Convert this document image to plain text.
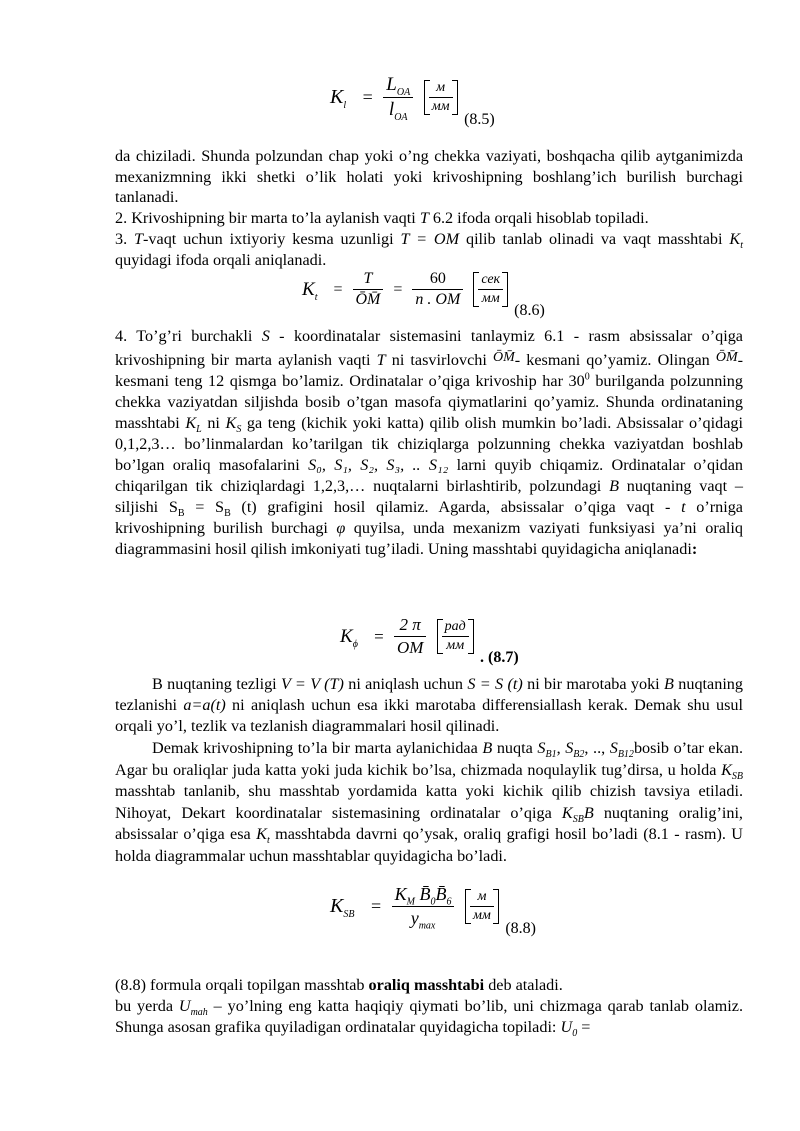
$K_l = \frac{L_{OA}}{l_{OA}}$
$\frac{м}{мм}$
(8.5)

da chiziladi. Shunda polzundan chap yoki o’ng chekka vaziyati, boshqacha qilib aytganimizda mexanizmning ikki shetki o’lik holati yoki krivoshipning boshlang’ich burilish burchagi tanlanadi.

2. Krivoshipning bir marta to’la aylanish vaqti T 6.2 ifoda orqali hisoblab topiladi.

3. T-vaqt uchun ixtiyoriy kesma uzunligi T = OM qilib tanlab olinadi va vaqt masshtabi $K_t$ quyidagi ifoda orqali aniqlanadi.

4. To’g’ri burchakli S - koordinatalar sistemasini tanlaymiz 6.1 - rasm absissalar o’qiga krivoshipning bir marta aylanish vaqti T ni tasvirlovchi ŌM̄- kesmani qo’yamiz. Olingan ŌM̄- kesmani teng 12 qismga bo’lamiz. Ordinatalar o’qiga krivoship har $30^0$ burilganda polzunning chekka vaziyatdan siljishda bosib o’tgan masofa qiymatlarini qo’yamiz. Shunda ordinataning masshtabi $K_L$ ni $K_S$ ga teng (kichik yoki katta) qilib olish mumkin bo’ladi. Absissalar o’qidagi 0,1,2,3… bo’linmalardan ko’tarilgan tik chiziqlarga polzunning chekka vaziyatdan boshlab bo’lgan oraliq masofalarini S₀, S₁, S₂, S₃, .. S₁₂ larni quyib chiqamiz. Ordinatalar o’qidan chiqarilgan tik chiziqlardagi 1,2,3,… nuqtalarni birlashtirib, polzundagi B nuqtaning vaqt – siljishi $S_B = S_B$ (t) grafigini hosil qilamiz. Agarda, absissalar o’qiga vaqt - t o’rniga krivoshipning burilish burchagi φ quyilsa, unda mexanizm vaziyati funksiyasi ya’ni oraliq diagrammasini hosil qilish imkoniyati tug’iladi. Uning masshtabi quyidagicha aniqlanadi:

B nuqtaning tezligi V = V (T) ni aniqlash uchun S = S (t) ni bir marotaba yoki B nuqtaning tezlanishi a=a(t) ni aniqlash uchun esa ikki marotaba differensiallash kerak. Demak shu usul orqali yo’l, tezlik va tezlanish diagrammalari hosil qilinadi.

Demak krivoshipning to’la bir marta aylanichidaa B nuqta $S_{B1}$, $S_{B2}$, .., $S_{B12}bosib$ o’tar ekan. Agar bu oraliqlar juda katta yoki juda kichik bo’lsa, chizmada noqulaylik tug’dirsa, u holda $K_{SB}$ masshtab tanlanib, shu masshtab yordamida katta yoki kichik qilib chizish tavsiya etiladi. Nihoyat, Dekart koordinatalar sistemasining ordinatalar o’qiga $K_{SB}B$ nuqtaning oralig’ini, absissalar o’qiga esa $K_t$ masshtabda davrni qo’ysak, oraliq grafigi hosil bo’ladi (8.1 - rasm). U holda diagrammalar uchun masshtablar quyidagicha bo’ladi.

(8.8) formula orqali topilgan masshtab oraliq masshtabi deb ataladi.

bu yerda $U_{mah}$ – yo’lning eng katta haqiqiy qiymati bo’lib, uni chizmaga qarab tanlab olamiz. Shunga asosan grafika quyiladigan ordinatalar quyidagicha topiladi: $U_0$ =

$K_t = \frac{T}{ŌM̄} = \frac{60}{n . OM}$
$\frac{\text{сек}}{мм}$
(8.6)
$K_\phi = \frac{2 \pi}{OM}$
$\frac{\text{рад}}{мм}$
. (8.7)
$K_{SB} = \frac{K_M B̄_0B̄_6}{y_{max}}$
$\frac{м}{мм}$
(8.8)
